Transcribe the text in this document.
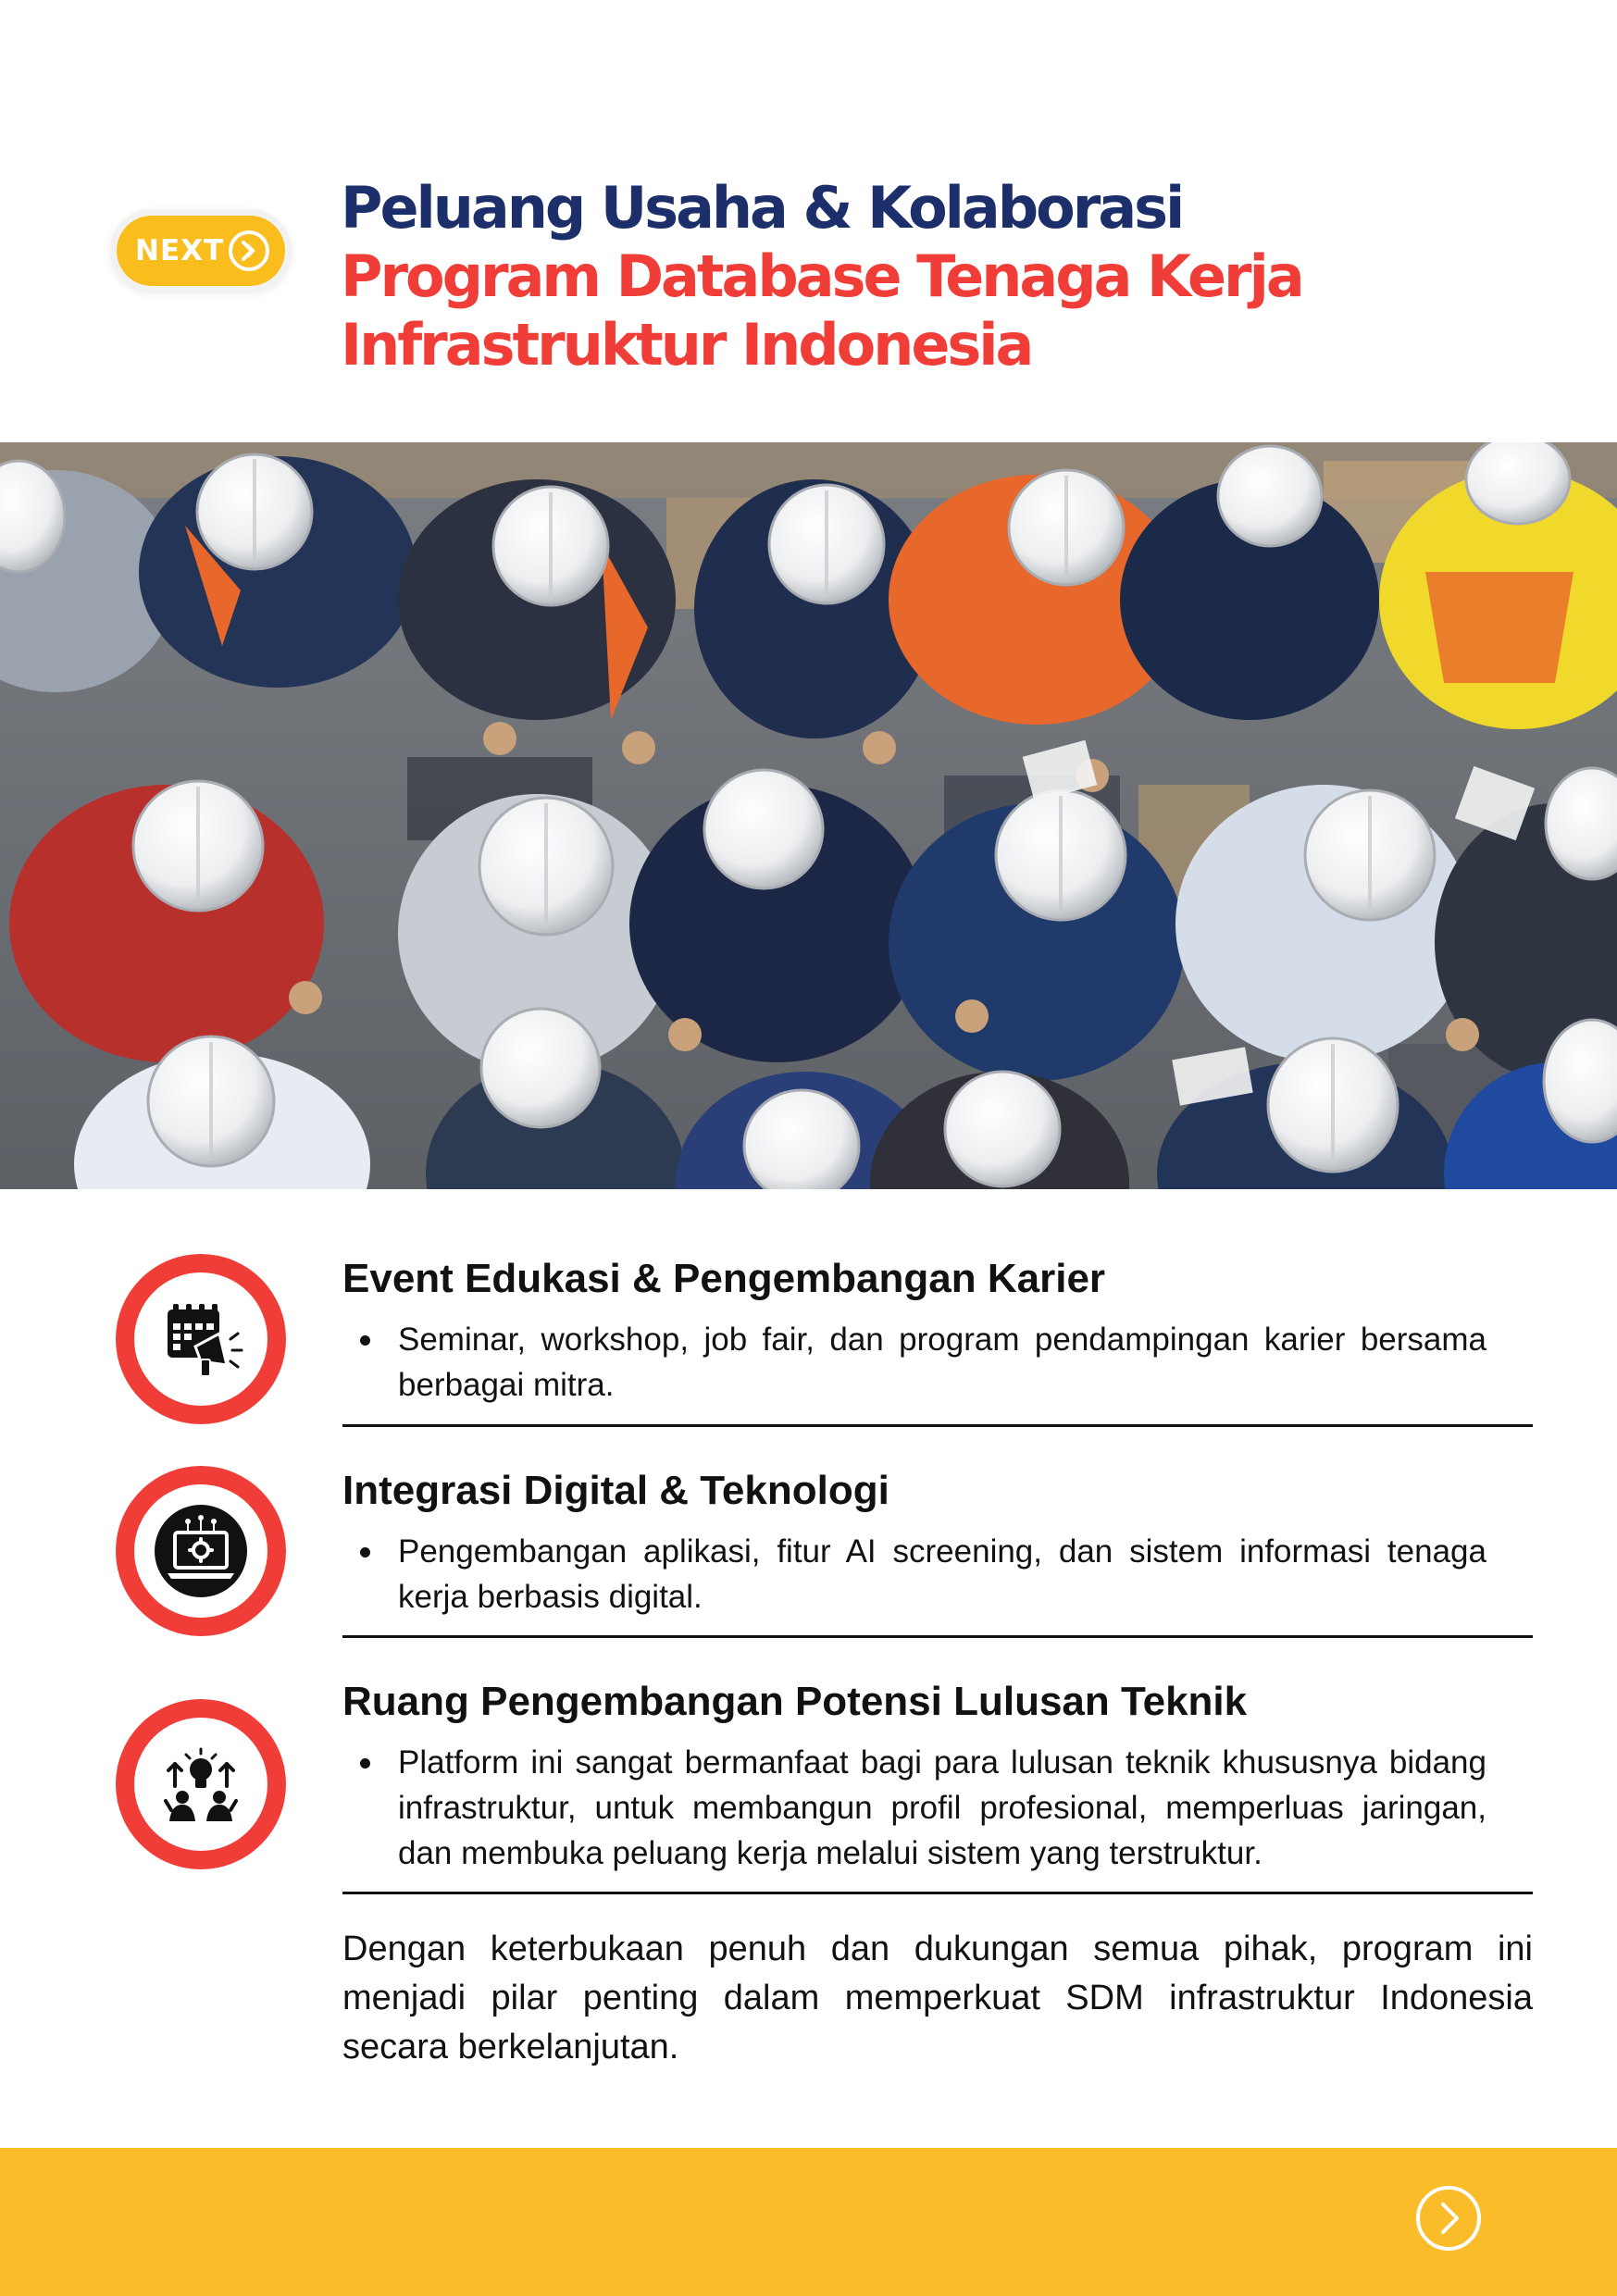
NEXT
Peluang Usaha & Kolaborasi
Program Database Tenaga Kerja
Infrastruktur Indonesia
Event Edukasi & Pengembangan Karier
Seminar, workshop, job fair, dan program pendampingan karier bersama berbagai mitra.
Integrasi Digital & Teknologi
Pengembangan aplikasi, fitur AI screening, dan sistem informasi tenaga kerja berbasis digital.
Ruang Pengembangan Potensi Lulusan Teknik
Platform ini sangat bermanfaat bagi para lulusan teknik khususnya bidang infrastruktur, untuk membangun profil profesional, memperluas jaringan, dan membuka peluang kerja melalui sistem yang terstruktur.

Dengan keterbukaan penuh dan dukungan semua pihak, program ini menjadi pilar penting dalam memperkuat SDM infrastruktur Indonesia secara berkelanjutan.
